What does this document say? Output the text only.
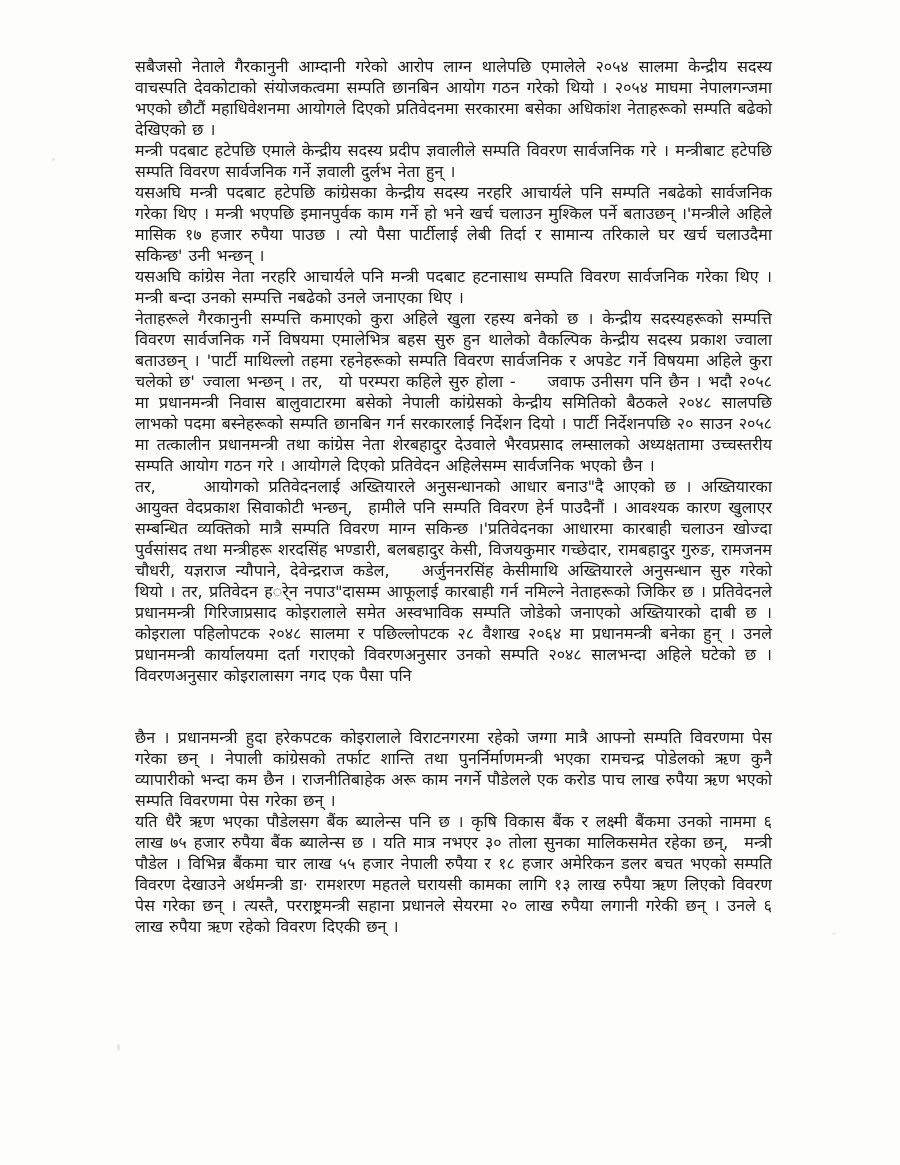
सबैजसो नेताले गैरकानुनी आम्दानी गरेको आरोप लाग्न थालेपछि एमालेले २०५४ सालमा केन्द्रीय सदस्य वाचस्पति देवकोटाको संयोजकत्वमा सम्पति छानबिन आयोग गठन गरेको थियो । २०५४ माघमा नेपालगन्जमा भएको छौटौं महाधिवेशनमा आयोगले दिएको प्रतिवेदनमा सरकारमा बसेका अधिकांश नेताहरूको सम्पति बढेको देखिएको छ ।

मन्त्री पदबाट हटेपछि एमाले केन्द्रीय सदस्य प्रदीप ज्ञवालीले सम्पति विवरण सार्वजनिक गरे । मन्त्रीबाट हटेपछि सम्पति विवरण सार्वजनिक गर्ने ज्ञवाली दुर्लभ नेता हुन् ।

यसअघि मन्त्री पदबाट हटेपछि कांग्रेसका केन्द्रीय सदस्य नरहरि आचार्यले पनि सम्पति नबढेको सार्वजनिक गरेका थिए । मन्त्री भएपछि इमानपुर्वक काम गर्ने हो भने खर्च चलाउन मुश्किल पर्ने बताउछन् ।'मन्त्रीले अहिले मासिक १७ हजार रुपैया पाउछ । त्यो पैसा पार्टीलाई लेबी तिर्दा र सामान्य तरिकाले घर खर्च चलाउदैमा सकिन्छ' उनी भन्छन् ।

यसअघि कांग्रेस नेता नरहरि आचार्यले पनि मन्त्री पदबाट हटनासाथ सम्पति विवरण सार्वजनिक गरेका थिए । मन्त्री बन्दा उनको सम्पत्ति नबढेको उनले जनाएका थिए ।

नेताहरूले गैरकानुनी सम्पत्ति कमाएको कुरा अहिले खुला रहस्य बनेको छ । केन्द्रीय सदस्यहरूको सम्पत्ति विवरण सार्वजनिक गर्ने विषयमा एमालेभित्र बहस सुरु हुन थालेको वैकल्पिक केन्द्रीय सदस्य प्रकाश ज्वाला बताउछन् । 'पार्टी माथिल्लो तहमा रहनेहरूको सम्पति विवरण सार्वजनिक र अपडेट गर्ने विषयमा अहिले कुरा चलेको छ' ज्वाला भन्छन् । तर, यो परम्परा कहिले सुरु होला -  जवाफ उनीसग पनि छैन । भदौ २०५८ मा प्रधानमन्त्री निवास बालुवाटारमा बसेको नेपाली कांग्रेसको केन्द्रीय समितिको बैठकले २०४८ सालपछि लाभको पदमा बस्नेहरूको सम्पति छानबिन गर्न सरकारलाई निर्देशन दियो । पार्टी निर्देशनपछि २० साउन २०५८ मा तत्कालीन प्रधानमन्त्री तथा कांग्रेस नेता शेरबहादुर देउवाले भैरवप्रसाद लम्सालको अध्यक्षतामा उच्चस्तरीय सम्पति आयोग गठन गरे । आयोगले दिएको प्रतिवेदन अहिलेसम्म सार्वजनिक भएको छैन ।

तर,   आयोगको प्रतिवेदनलाई अख्तियारले अनुसन्धानको आधार बनाउ"दै आएको छ । अख्तियारका आयुक्त वेदप्रकाश सिवाकोटी भन्छन्, हामीले पनि सम्पति विवरण हेर्न पाउदैनौं । आवश्यक कारण खुलाएर सम्बन्धित व्यक्तिको मात्रै सम्पति विवरण माग्न सकिन्छ ।'प्रतिवेदनका आधारमा कारबाही चलाउन खोज्दा पुर्वसांसद तथा मन्त्रीहरू शरदसिंह भण्डारी, बलबहादुर केसी, विजयकुमार गच्छेदार, रामबहादुर गुरुङ, रामजनम चौधरी, यज्ञराज न्यौपाने, देवेन्द्रराज कडेल,  अर्जुननरसिंह केसीमाथि अख्तियारले अनुसन्धान सुरु गरेको थियो । तर, प्रतिवेदन हर्ेन नपाउ"दासम्म आफूलाई कारबाही गर्न नमिल्ने नेताहरूको जिकिर छ । प्रतिवेदनले प्रधानमन्त्री गिरिजाप्रसाद कोइरालाले समेत अस्वभाविक सम्पति जोडेको जनाएको अख्तियारको दाबी छ ।कोइराला पहिलोपटक २०४८ सालमा र पछिल्लोपटक २८ वैशाख २०६४ मा प्रधानमन्त्री बनेका हुन् । उनले प्रधानमन्त्री कार्यालयमा दर्ता गराएको विवरणअनुसार उनको सम्पति २०४८ सालभन्दा अहिले घटेको छ । विवरणअनुसार कोइरालासग नगद एक पैसा पनि

छैन । प्रधानमन्त्री हुदा हरेकपटक कोइरालाले विराटनगरमा रहेको जग्गा मात्रै आफ्नो सम्पति विवरणमा पेस गरेका छन् । नेपाली कांग्रेसको तर्फाट शान्ति तथा पुनर्निर्माणमन्त्री भएका रामचन्द्र पोडेलको ऋण कुनै व्यापारीको भन्दा कम छैन । राजनीतिबाहेक अरू काम नगर्ने पौडेलले एक करोड पाच लाख रुपैया ऋण भएको सम्पति विवरणमा पेस गरेका छन् ।

यति धैरै ऋण भएका पौडेलसग बैंक ब्यालेन्स पनि छ । कृषि विकास बैंक र लक्ष्मी बैंकमा उनको नाममा ६ लाख ७५ हजार रुपैया बैंक ब्यालेन्स छ । यति मात्र नभएर ३० तोला सुनका मालिकसमेत रहेका छन्, मन्त्री पौडेल । विभिन्न बैंकमा चार लाख ५५ हजार नेपाली रुपैया र १८ हजार अमेरिकन डलर बचत भएको सम्पति विवरण देखाउने अर्थमन्त्री डा· रामशरण महतले घरायसी कामका लागि १३ लाख रुपैया ऋण लिएको विवरण पेस गरेका छन् । त्यस्तै, परराष्ट्रमन्त्री सहाना प्रधानले सेयरमा २० लाख रुपैया लगानी गरेकी छन् । उनले ६ लाख रुपैया ऋण रहेको विवरण दिएकी छन् ।
